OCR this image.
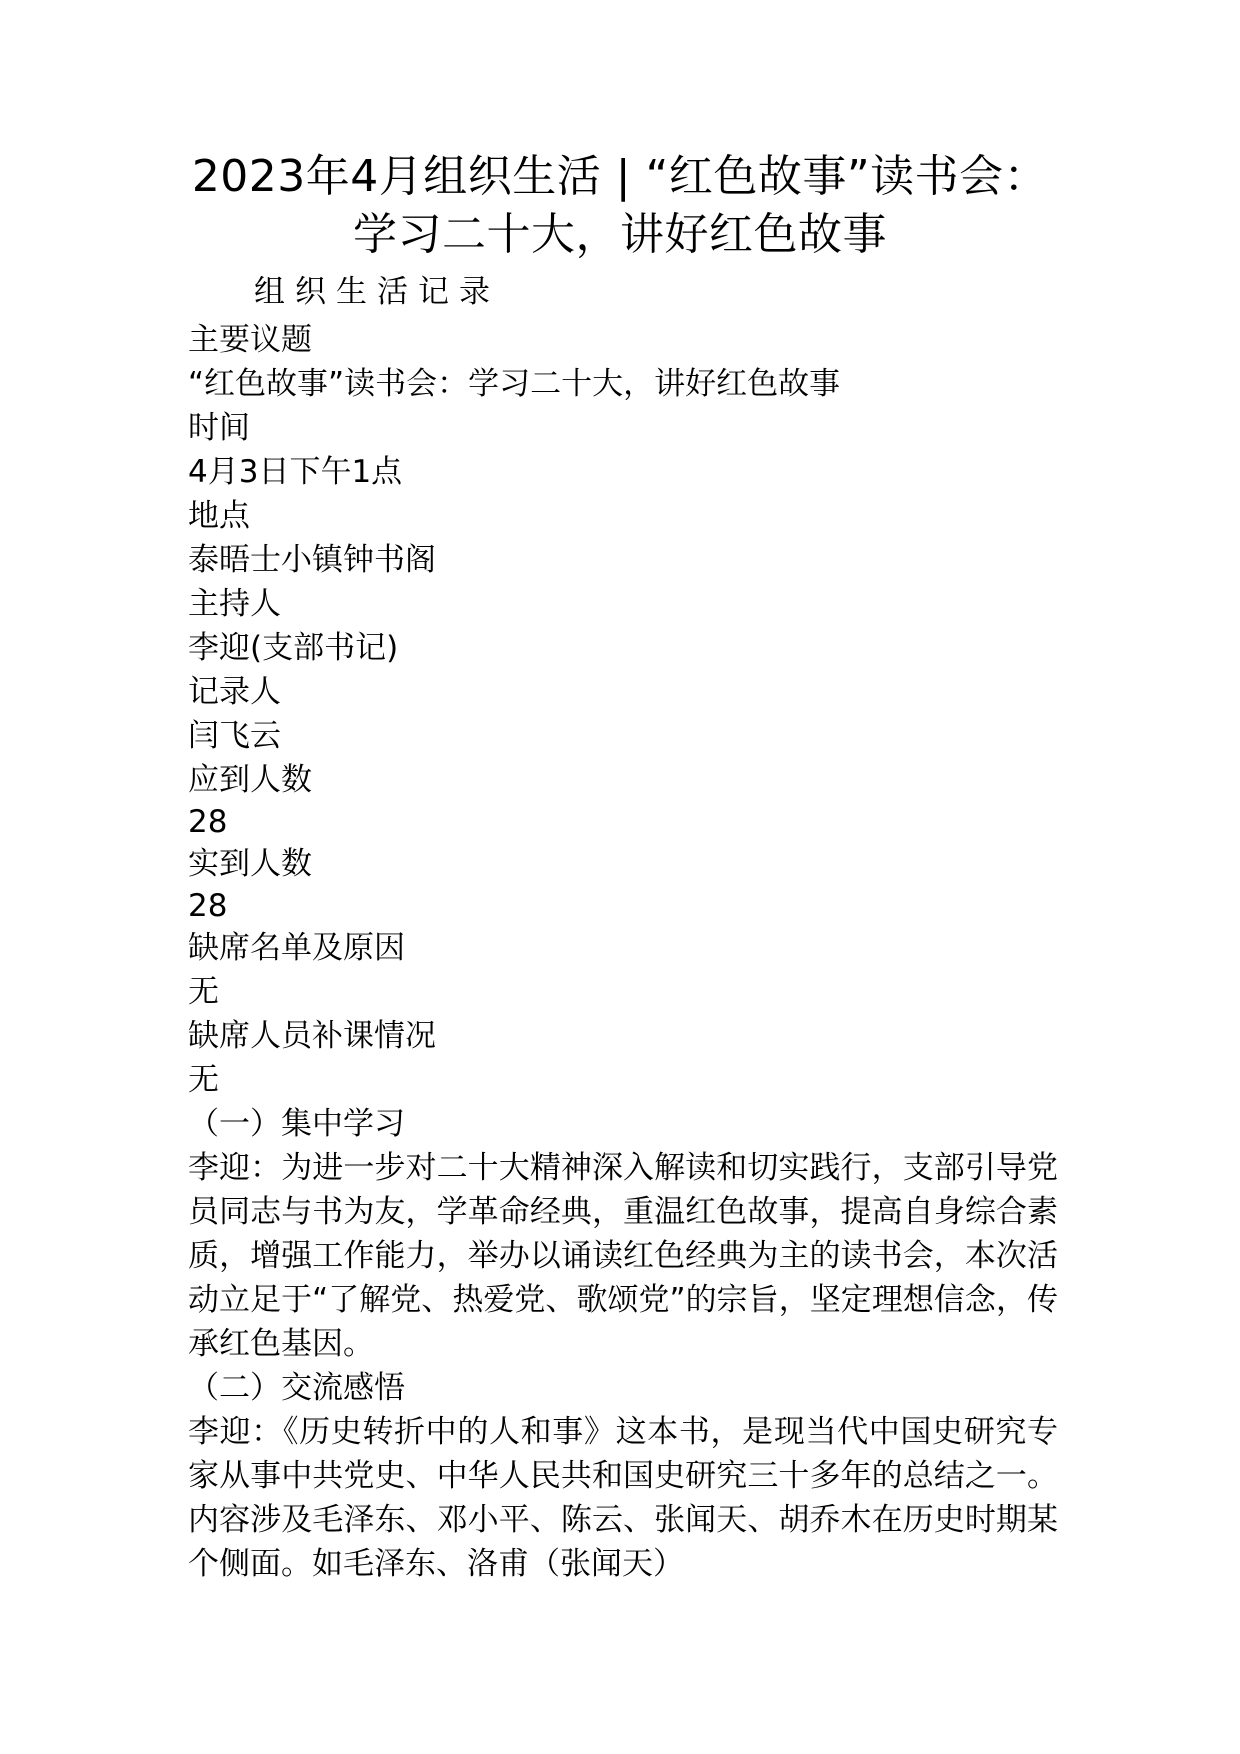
2023年4月组织生活 | “红色故事”读书会：学习二十大，讲好红色故事
组织生活记录
主要议题
“红色故事”读书会：学习二十大，讲好红色故事
时间
4月3日下午1点
地点
泰晤士小镇钟书阁
主持人
李迎(支部书记)
记录人
闫飞云
应到人数
28
实到人数
28
缺席名单及原因
无
缺席人员补课情况
无
（一）集中学习
李迎：为进一步对二十大精神深入解读和切实践行，支部引导党员同志与书为友，学革命经典，重温红色故事，提高自身综合素质，增强工作能力，举办以诵读红色经典为主的读书会，本次活动立足于“了解党、热爱党、歌颂党”的宗旨，坚定理想信念，传承红色基因。
（二）交流感悟
李迎：《历史转折中的人和事》这本书，是现当代中国史研究专家从事中共党史、中华人民共和国史研究三十多年的总结之一。内容涉及毛泽东、邓小平、陈云、张闻天、胡乔木在历史时期某个侧面。如毛泽东、洛甫（张闻天）
